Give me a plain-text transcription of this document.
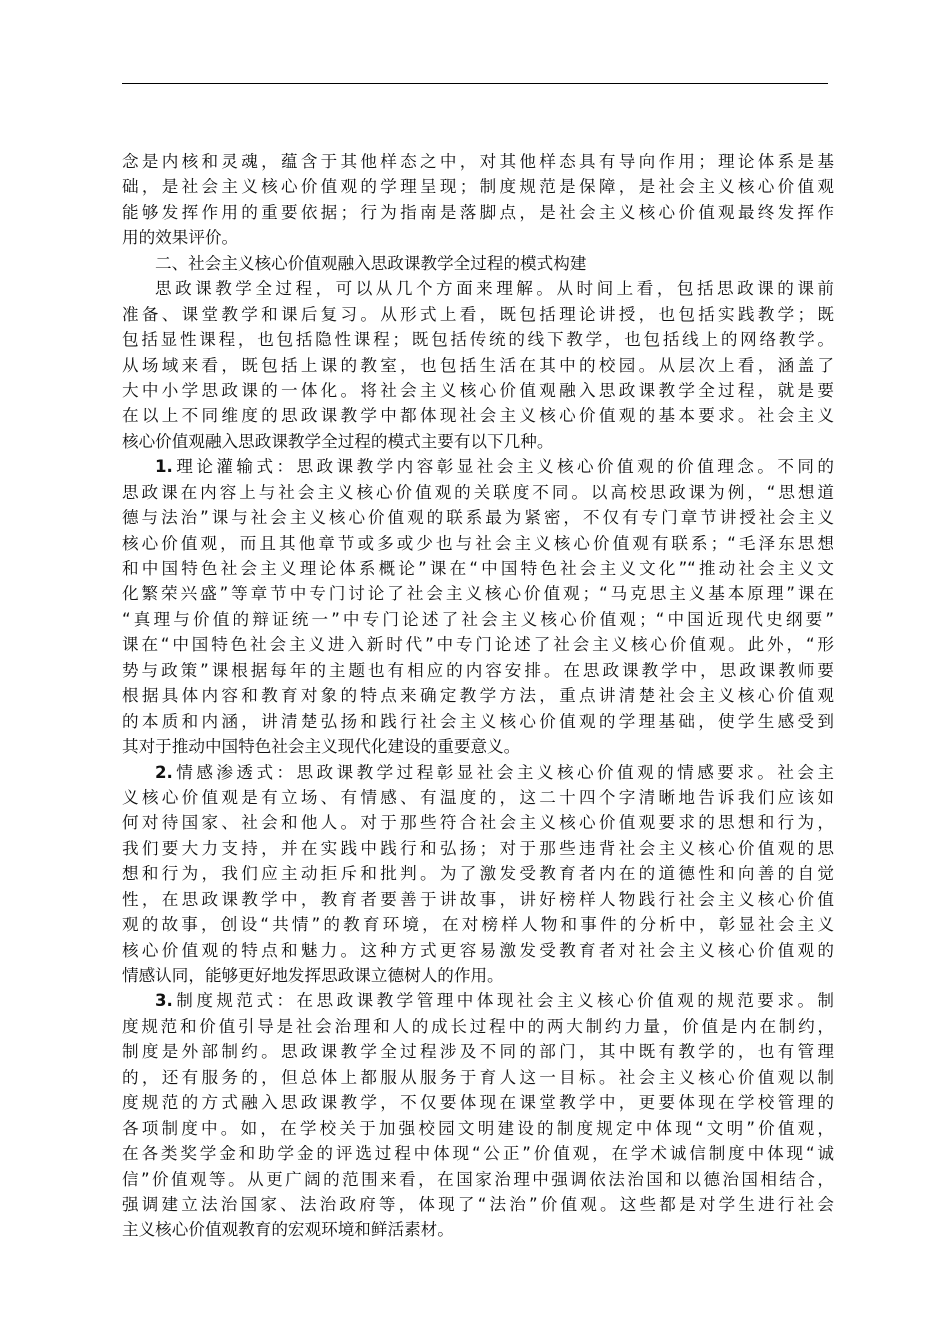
念是内核和灵魂，蕴含于其他样态之中，对其他样态具有导向作用；理论体系是基
础，是社会主义核心价值观的学理呈现；制度规范是保障，是社会主义核心价值观
能够发挥作用的重要依据；行为指南是落脚点，是社会主义核心价值观最终发挥作
用的效果评价。

二、社会主义核心价值观融入思政课教学全过程的模式构建

思政课教学全过程，可以从几个方面来理解。从时间上看，包括思政课的课前
准备、课堂教学和课后复习。从形式上看，既包括理论讲授，也包括实践教学；既
包括显性课程，也包括隐性课程；既包括传统的线下教学，也包括线上的网络教学。
从场域来看，既包括上课的教室，也包括生活在其中的校园。从层次上看，涵盖了
大中小学思政课的一体化。将社会主义核心价值观融入思政课教学全过程，就是要
在以上不同维度的思政课教学中都体现社会主义核心价值观的基本要求。社会主义
核心价值观融入思政课教学全过程的模式主要有以下几种。

1.理论灌输式：思政课教学内容彰显社会主义核心价值观的价值理念。不同的
思政课在内容上与社会主义核心价值观的关联度不同。以高校思政课为例，“思想道
德与法治”课与社会主义核心价值观的联系最为紧密，不仅有专门章节讲授社会主义
核心价值观，而且其他章节或多或少也与社会主义核心价值观有联系；“毛泽东思想
和中国特色社会主义理论体系概论”课在“中国特色社会主义文化”“推动社会主义文
化繁荣兴盛”等章节中专门讨论了社会主义核心价值观；“马克思主义基本原理”课在
“真理与价值的辩证统一”中专门论述了社会主义核心价值观；“中国近现代史纲要”
课在“中国特色社会主义进入新时代”中专门论述了社会主义核心价值观。此外，“形
势与政策”课根据每年的主题也有相应的内容安排。在思政课教学中，思政课教师要
根据具体内容和教育对象的特点来确定教学方法，重点讲清楚社会主义核心价值观
的本质和内涵，讲清楚弘扬和践行社会主义核心价值观的学理基础，使学生感受到
其对于推动中国特色社会主义现代化建设的重要意义。

2.情感渗透式：思政课教学过程彰显社会主义核心价值观的情感要求。社会主
义核心价值观是有立场、有情感、有温度的，这二十四个字清晰地告诉我们应该如
何对待国家、社会和他人。对于那些符合社会主义核心价值观要求的思想和行为，
我们要大力支持，并在实践中践行和弘扬；对于那些违背社会主义核心价值观的思
想和行为，我们应主动拒斥和批判。为了激发受教育者内在的道德性和向善的自觉
性，在思政课教学中，教育者要善于讲故事，讲好榜样人物践行社会主义核心价值
观的故事，创设“共情”的教育环境，在对榜样人物和事件的分析中，彰显社会主义
核心价值观的特点和魅力。这种方式更容易激发受教育者对社会主义核心价值观的
情感认同，能够更好地发挥思政课立德树人的作用。

3.制度规范式：在思政课教学管理中体现社会主义核心价值观的规范要求。制
度规范和价值引导是社会治理和人的成长过程中的两大制约力量，价值是内在制约，
制度是外部制约。思政课教学全过程涉及不同的部门，其中既有教学的，也有管理
的，还有服务的，但总体上都服从服务于育人这一目标。社会主义核心价值观以制
度规范的方式融入思政课教学，不仅要体现在课堂教学中，更要体现在学校管理的
各项制度中。如，在学校关于加强校园文明建设的制度规定中体现“文明”价值观，
在各类奖学金和助学金的评选过程中体现“公正”价值观，在学术诚信制度中体现“诚
信”价值观等。从更广阔的范围来看，在国家治理中强调依法治国和以德治国相结合，
强调建立法治国家、法治政府等，体现了“法治”价值观。这些都是对学生进行社会
主义核心价值观教育的宏观环境和鲜活素材。
